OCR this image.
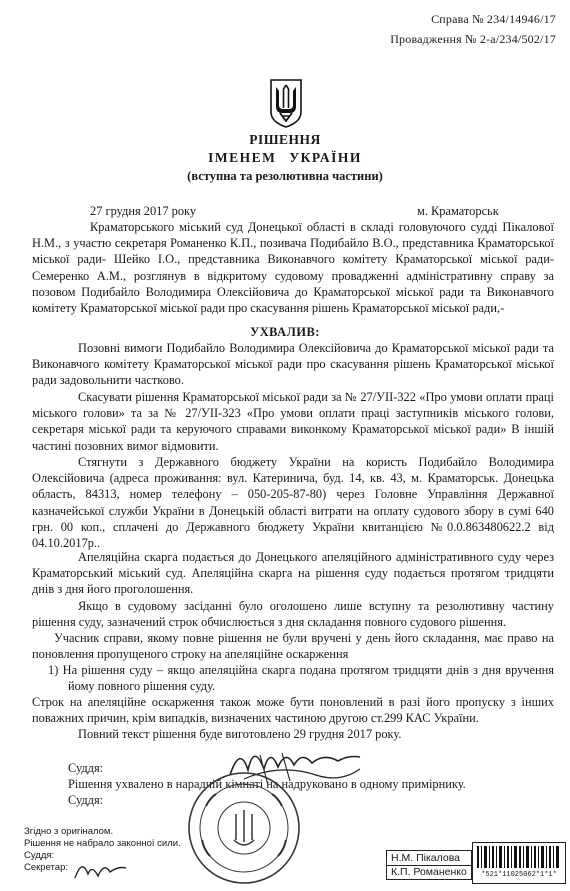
Справа № 234/14946/17
Провадження № 2-а/234/502/17
РІШЕННЯ
ІМЕНЕМ УКРАЇНИ
(вступна та резолютивна частини)
27 грудня 2017 року	м. Краматорськ
Краматорського міський суд Донецької області в складі головуючого судді Пікалової Н.М., з участю секретаря Романенко К.П., позивача Подибайло В.О., представника Краматорської міської ради- Шейко І.О., представника Виконавчого комітету Краматорської міської ради- Семеренко А.М., розглянув в відкритому судовому провадженні адміністративну справу за позовом Подибайло Володимира Олексійовича до Краматорської міської ради та Виконавчого комітету Краматорської міської ради про скасування рішень Краматорської міської ради,-
УХВАЛИВ:
Позовні вимоги Подибайло Володимира Олексійовича до Краматорської міської ради та Виконавчого комітету Краматорської міської ради про скасування рішень Краматорської міської ради задовольнити частково.
Скасувати рішення Краматорської міської ради за № 27/УІІ-322 «Про умови оплати праці міського голови» та за № 27/УІІ-323 «Про умови оплати праці заступників міського голови, секретаря міської ради та керуючого справами виконкому Краматорської міської ради» В іншій частині позовних вимог відмовити.
Стягнути з Державного бюджету України на користь Подибайло Володимира Олексійовича (адреса проживання: вул. Катеринича, буд. 14, кв. 43, м. Краматорськ. Донецька область, 84313, номер телефону – 050-205-87-80) через Головне Управління Державної казначейської служби України в Донецькій області витрати на оплату судового збору в сумі 640 грн. 00 коп., сплачені до Державного бюджету України квитанцією №0.0.863480622.2 від 04.10.2017р..
Апеляційна скарга подається до Донецького апеляційного адміністративного суду через Краматорський міський суд. Апеляційна скарга на рішення суду подається протягом тридцяти днів з дня його проголошення.
Якщо в судовому засіданні було оголошено лише вступну та резолютивну частину рішення суду, зазначений строк обчислюється з дня складання повного судового рішення.
Учасник справи, якому повне рішення не були вручені у день його складання, має право на поновлення пропущеного строку на апеляційне оскарження
1) На рішення суду – якщо апеляційна скарга подана протягом тридцяти днів з дня вручення йому повного рішення суду.
Строк на апеляційне оскарження також може бути поновлений в разі його пропуску з інших поважних причин, крім випадків, визначених частиною другою ст.299 КАС України.
Повний текст рішення буде виготовлено 29 грудня 2017 року.
Суддя:
Рішення ухвалено в нарадчій кімнаті на надруковано в одному примірнику.
Суддя:
Згідно з оригіналом.
Рішення не набрало законної сили.
Суддя:
Секретар:
Н.М. Пікалова
К.П. Романенко	*521*11025062*1*1*
